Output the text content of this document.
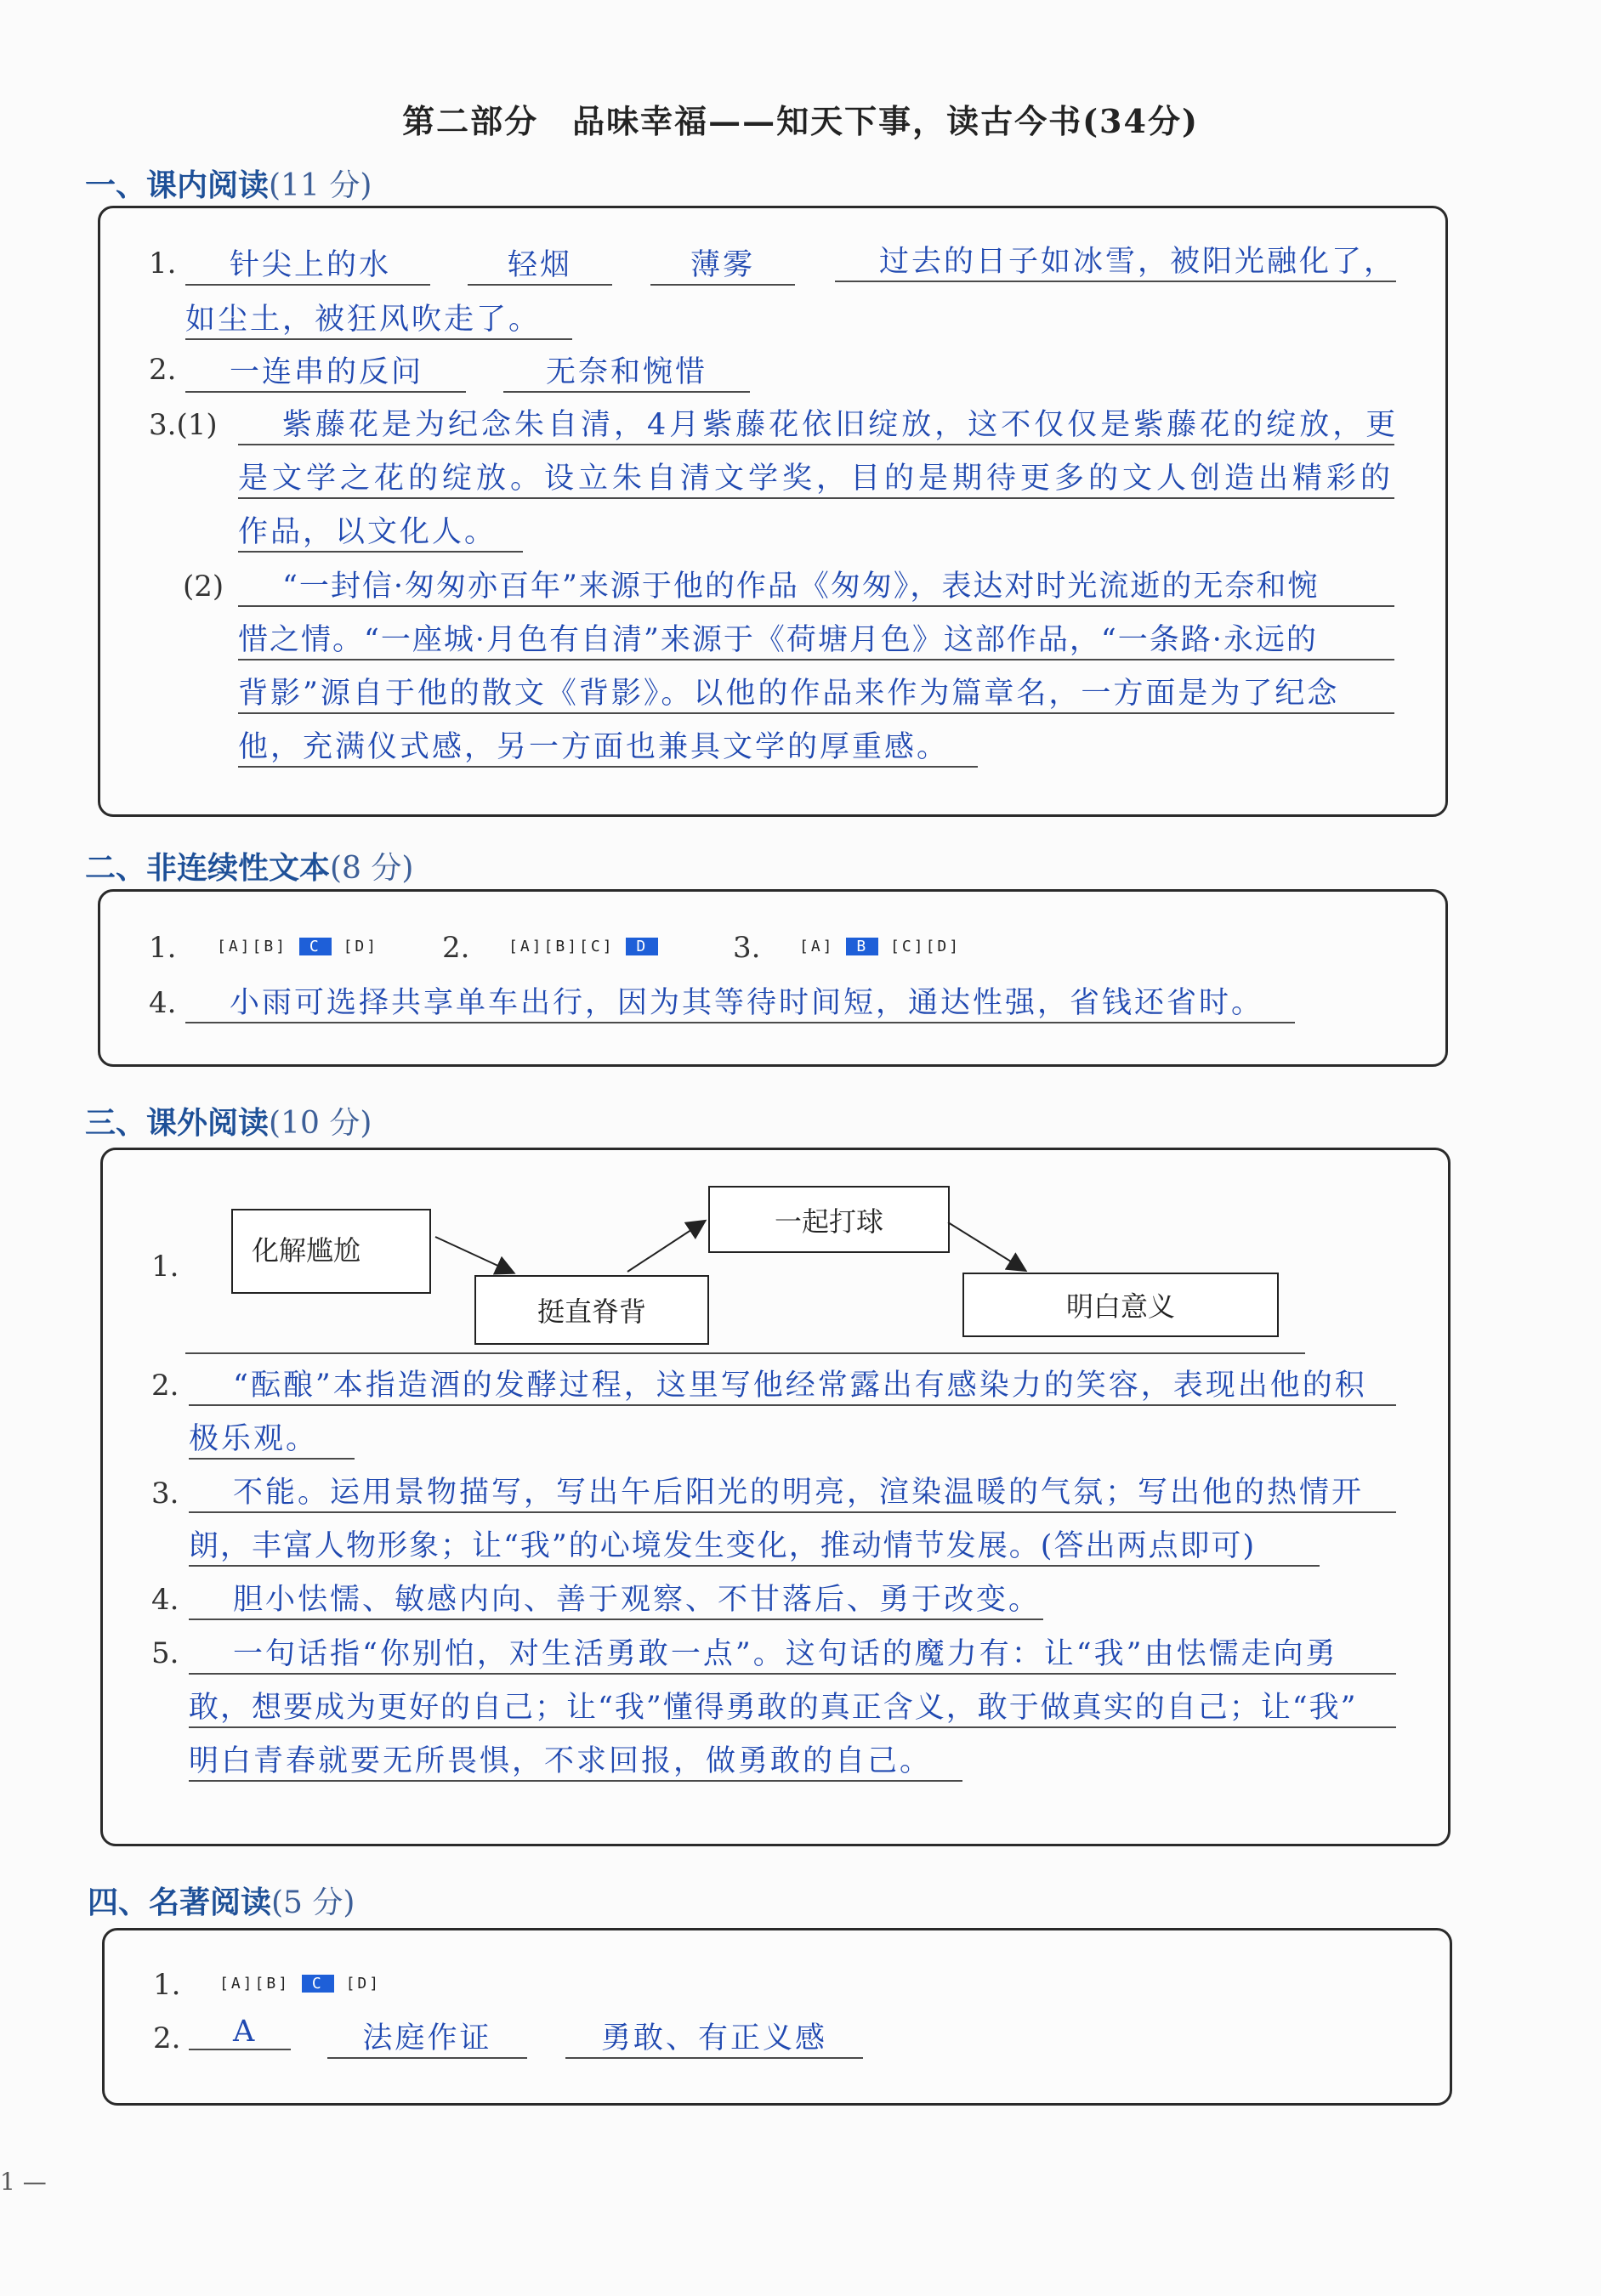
第二部分　品味幸福——知天下事，读古今书(34分)
一、课内阅读(11 分)
1.	针尖上的水	轻烟	薄雾	过去的日子如冰雪，被阳光融化了，
如尘土，被狂风吹走了。
2.	一连串的反问	无奈和惋惜
3.(1)	紫藤花是为纪念朱自清，4月紫藤花依旧绽放，这不仅仅是紫藤花的绽放，更
是文学之花的绽放。设立朱自清文学奖，目的是期待更多的文人创造出精彩的
作品，以文化人。
(2)	“一封信·匆匆亦百年”来源于他的作品《匆匆》，表达对时光流逝的无奈和惋
惜之情。“一座城·月色有自清”来源于《荷塘月色》这部作品，“一条路·永远的
背影”源自于他的散文《背影》。以他的作品来作为篇章名，一方面是为了纪念
他，充满仪式感，另一方面也兼具文学的厚重感。
二、非连续性文本(8 分)
1.	[A][B] C [D] 2.	[A][B][C] D	3.	[A] B [C][D]
4.	小雨可选择共享单车出行，因为其等待时间短，通达性强，省钱还省时。
三、课外阅读(10 分)
1.	化解尴尬
挺直脊背
一起打球
明白意义
2.	“酝酿”本指造酒的发酵过程，这里写他经常露出有感染力的笑容，表现出他的积
极乐观。
3.	不能。运用景物描写，写出午后阳光的明亮，渲染温暖的气氛；写出他的热情开
朗，丰富人物形象；让“我”的心境发生变化，推动情节发展。(答出两点即可)
4.	胆小怯懦、敏感内向、善于观察、不甘落后、勇于改变。
5.	一句话指“你别怕，对生活勇敢一点”。这句话的魔力有：让“我”由怯懦走向勇
敢，想要成为更好的自己；让“我”懂得勇敢的真正含义，敢于做真实的自己；让“我”
明白青春就要无所畏惧，不求回报，做勇敢的自己。
四、名著阅读(5 分)
1.	[A][B] C [D]
2.	A	法庭作证	勇敢、有正义感
1 —
